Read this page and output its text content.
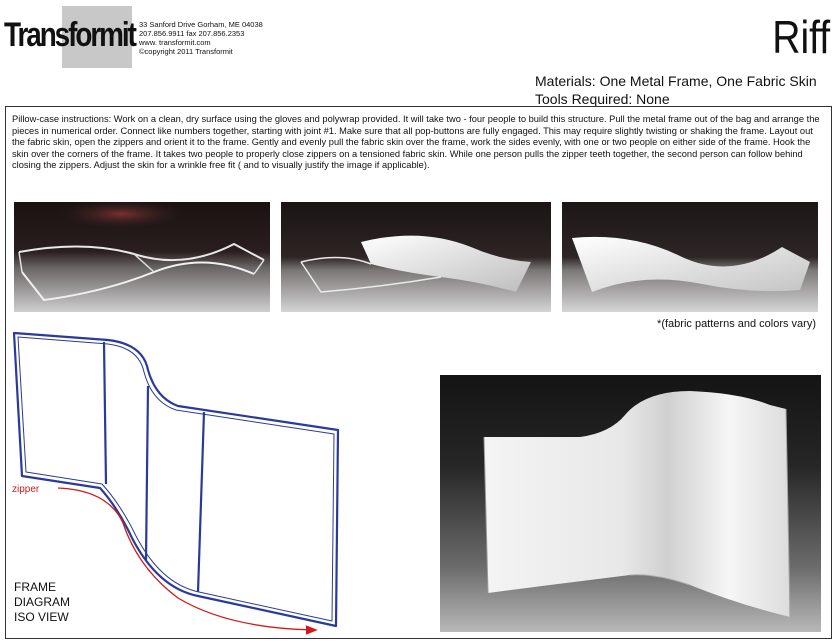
Transformit 33 Sanford Drive Gorham, ME 04038
207.856.9911 fax 207.856.2353
www. transformit.com
©copyright 2011 Transformit	Riff
Materials: One Metal Frame, One Fabric Skin
Tools Required: None
Pillow-case instructions: Work on a clean, dry surface using the gloves and polywrap provided. It will take two - four people to build this structure. Pull the metal frame out of the bag and arrange the pieces in numerical order. Connect like numbers together, starting with joint #1. Make sure that all pop-buttons are fully engaged. This may require slightly twisting or shaking the frame. Layout out the fabric skin, open the zippers and orient it to the frame. Gently and evenly pull the fabric skin over the frame, work the sides evenly, with one or two people on either side of the frame. Hook the skin over the corners of the frame. It takes two people to properly close zippers on a tensioned fabric skin. While one person pulls the zipper teeth together, the second person can follow behind closing the zippers. Adjust the skin for a wrinkle free fit ( and to visually justify the image if applicable).
*(fabric patterns and colors vary)
zipper
FRAME
DIAGRAM
ISO VIEW
